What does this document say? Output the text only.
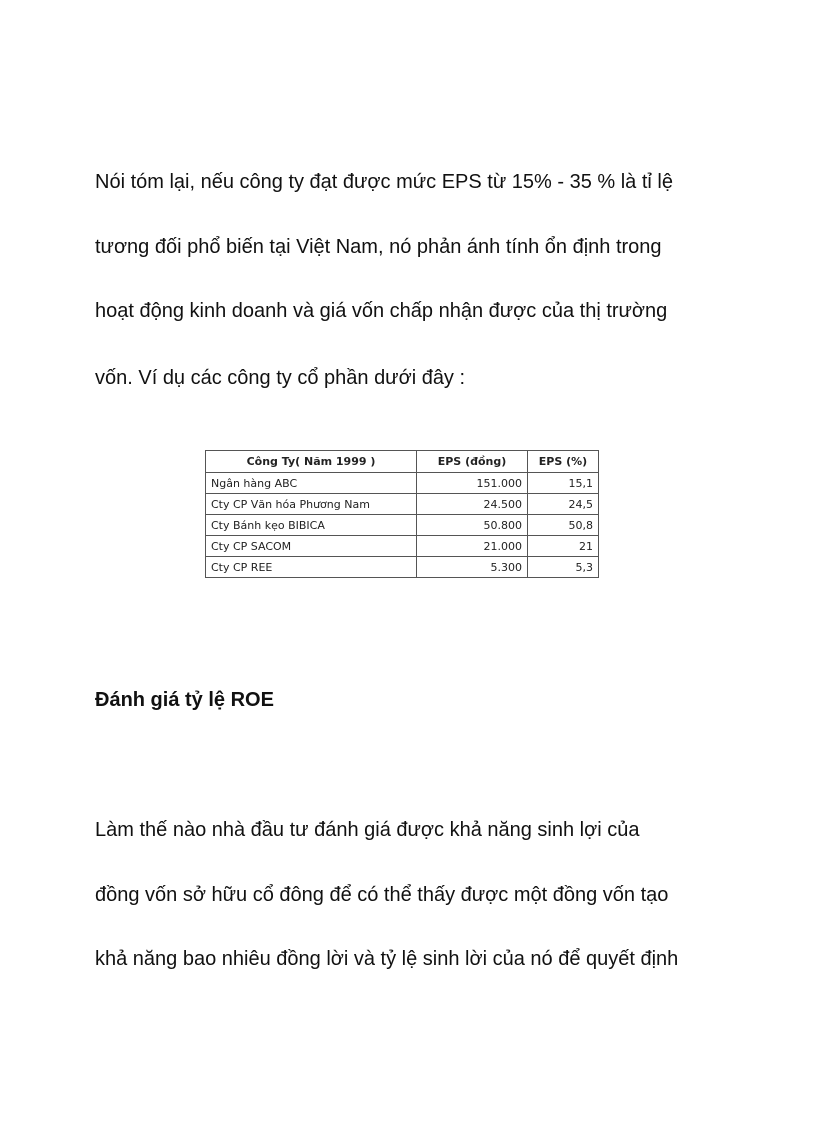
Nói tóm lại, nếu công ty đạt được mức EPS từ 15% - 35 % là tỉ lệ
tương đối phổ biến tại Việt Nam, nó phản ánh tính ổn định trong
hoạt động kinh doanh và giá vốn chấp nhận được của thị trường
vốn. Ví dụ các công ty cổ phần dưới đây :
Công Ty( Năm 1999 )	EPS (đồng)	EPS (%)
Ngân hàng ABC	151.000	15,1
Cty CP Văn hóa Phương Nam	24.500	24,5
Cty Bánh kẹo BIBICA	50.800	50,8
Cty CP SACOM	21.000	21
Cty CP REE	5.300	5,3
Đánh giá tỷ lệ ROE
Làm thế nào nhà đầu tư đánh giá được khả năng sinh lợi của
đồng vốn sở hữu cổ đông để có thể thấy được một đồng vốn tạo
khả năng bao nhiêu đồng lời và tỷ lệ sinh lời của nó để quyết định
